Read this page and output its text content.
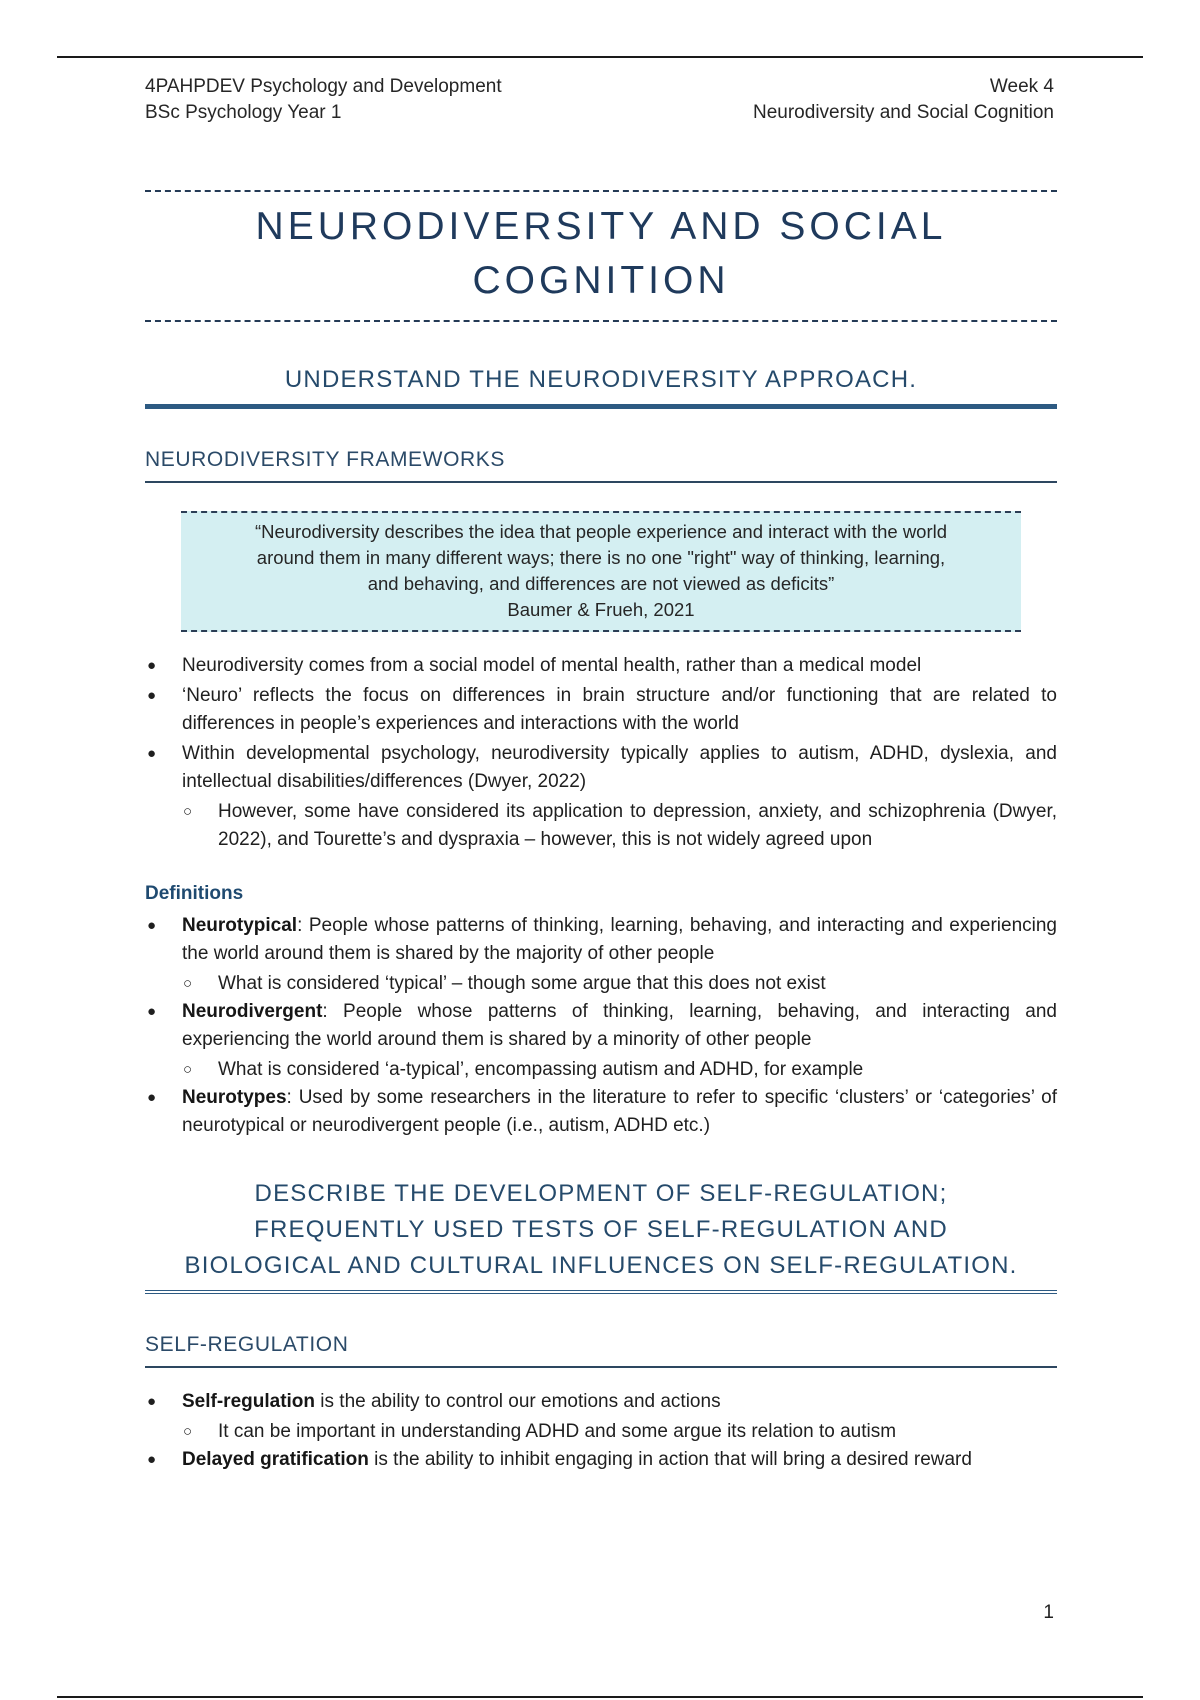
4PAHPDEV Psychology and Development
BSc Psychology Year 1
Week 4
Neurodiversity and Social Cognition
NEURODIVERSITY AND SOCIAL
COGNITION
UNDERSTAND THE NEURODIVERSITY APPROACH.
NEURODIVERSITY FRAMEWORKS
“Neurodiversity describes the idea that people experience and interact with the world
around them in many different ways; there is no one "right" way of thinking, learning,
and behaving, and differences are not viewed as deficits”
Baumer & Frueh, 2021
● Neurodiversity comes from a social model of mental health, rather than a medical model
● ‘Neuro’ reflects the focus on differences in brain structure and/or functioning that are related to differences in people’s experiences and interactions with the world
● Within developmental psychology, neurodiversity typically applies to autism, ADHD, dyslexia, and intellectual disabilities/differences (Dwyer, 2022)
○ However, some have considered its application to depression, anxiety, and schizophrenia (Dwyer, 2022), and Tourette’s and dyspraxia – however, this is not widely agreed upon
Definitions
● Neurotypical: People whose patterns of thinking, learning, behaving, and interacting and experiencing the world around them is shared by the majority of other people
○ What is considered ‘typical’ – though some argue that this does not exist
● Neurodivergent: People whose patterns of thinking, learning, behaving, and interacting and experiencing the world around them is shared by a minority of other people
○ What is considered ‘a-typical’, encompassing autism and ADHD, for example
● Neurotypes: Used by some researchers in the literature to refer to specific ‘clusters’ or ‘categories’ of neurotypical or neurodivergent people (i.e., autism, ADHD etc.)
DESCRIBE THE DEVELOPMENT OF SELF-REGULATION;
FREQUENTLY USED TESTS OF SELF-REGULATION AND
BIOLOGICAL AND CULTURAL INFLUENCES ON SELF-REGULATION.
SELF-REGULATION
● Self-regulation is the ability to control our emotions and actions
○ It can be important in understanding ADHD and some argue its relation to autism
● Delayed gratification is the ability to inhibit engaging in action that will bring a desired reward
1
